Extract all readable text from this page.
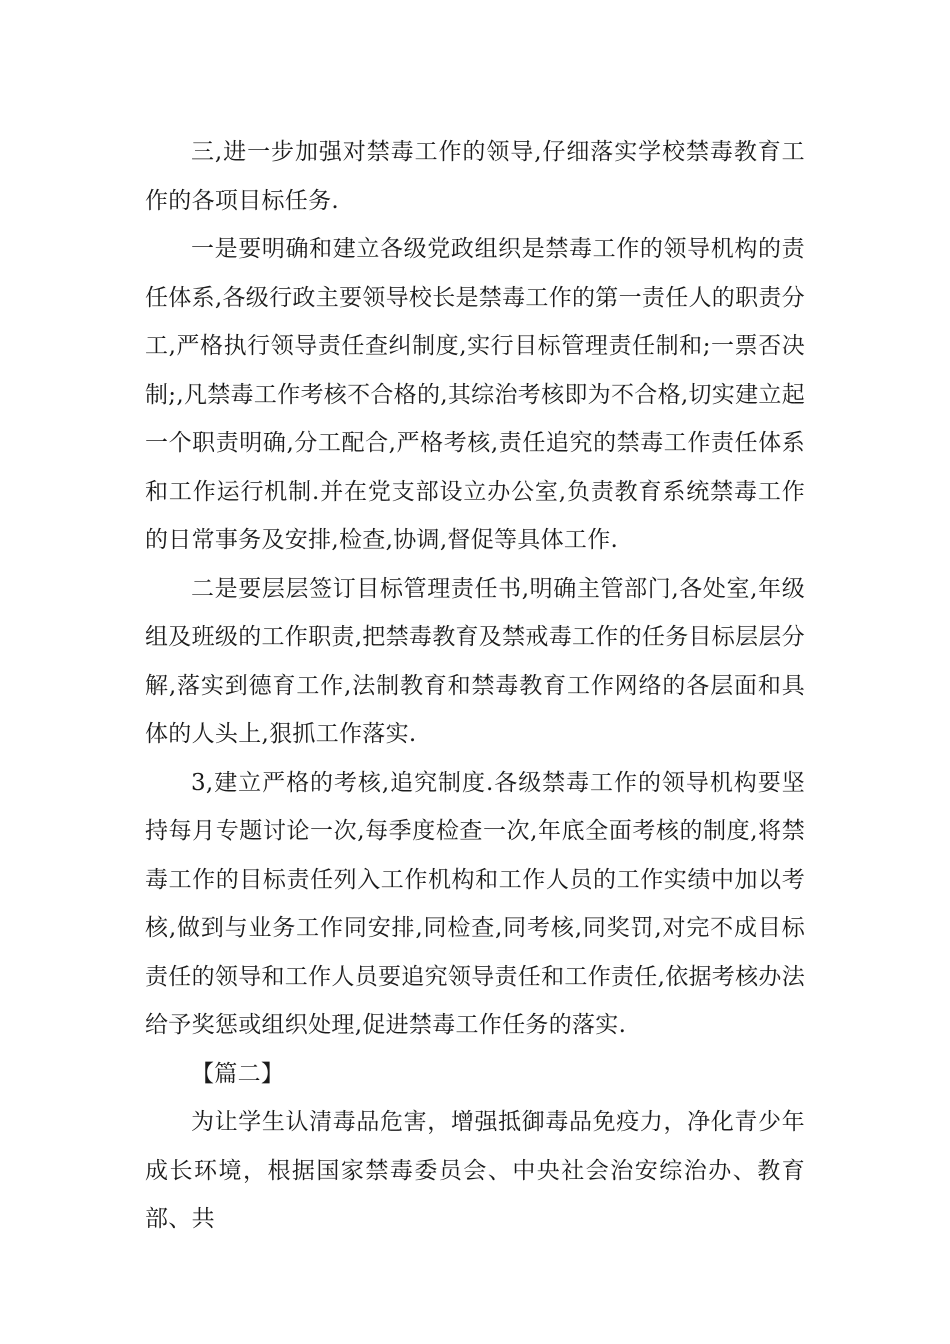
三,进一步加强对禁毒工作的领导,仔细落实学校禁毒教育工作的各项目标任务.

一是要明确和建立各级党政组织是禁毒工作的领导机构的责任体系,各级行政主要领导校长是禁毒工作的第一责任人的职责分工,严格执行领导责任查纠制度,实行目标管理责任制和;一票否决制;,凡禁毒工作考核不合格的,其综治考核即为不合格,切实建立起一个职责明确,分工配合,严格考核,责任追究的禁毒工作责任体系和工作运行机制.并在党支部设立办公室,负责教育系统禁毒工作的日常事务及安排,检查,协调,督促等具体工作.

二是要层层签订目标管理责任书,明确主管部门,各处室,年级组及班级的工作职责,把禁毒教育及禁戒毒工作的任务目标层层分解,落实到德育工作,法制教育和禁毒教育工作网络的各层面和具体的人头上,狠抓工作落实.

3,建立严格的考核,追究制度.各级禁毒工作的领导机构要坚持每月专题讨论一次,每季度检查一次,年底全面考核的制度,将禁毒工作的目标责任列入工作机构和工作人员的工作实绩中加以考核,做到与业务工作同安排,同检查,同考核,同奖罚,对完不成目标责任的领导和工作人员要追究领导责任和工作责任,依据考核办法给予奖惩或组织处理,促进禁毒工作任务的落实.

【篇二】

为让学生认清毒品危害，增强抵御毒品免疫力，净化青少年成长环境，根据国家禁毒委员会、中央社会治安综治办、教育部、共
